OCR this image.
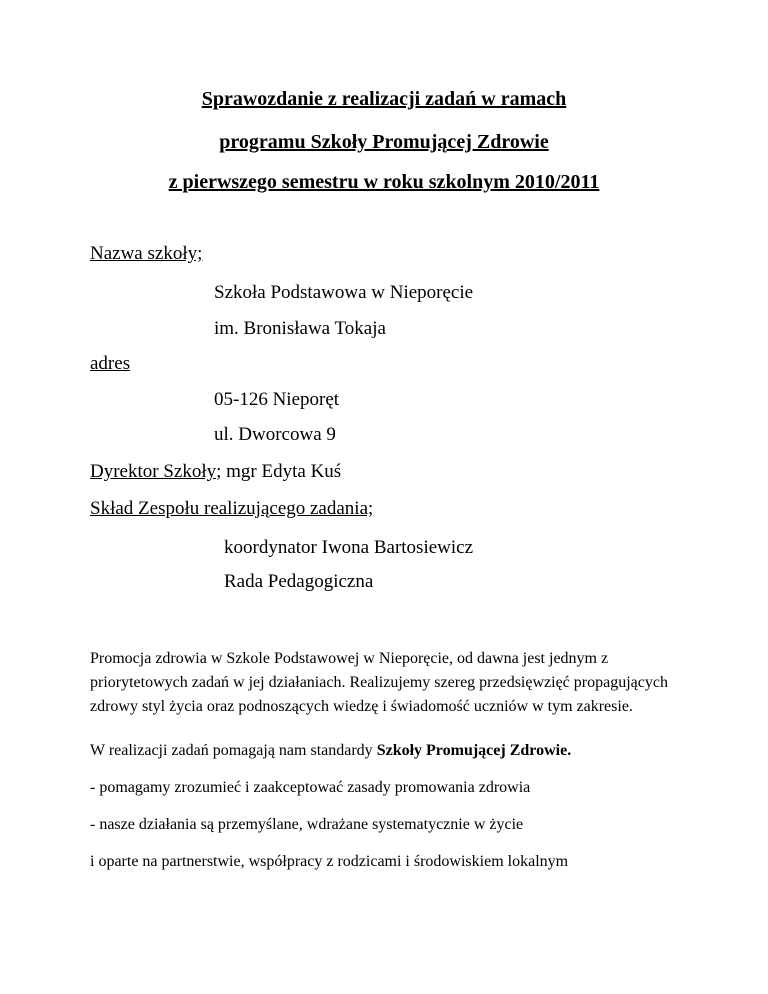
Sprawozdanie z realizacji zadań w ramach
programu Szkoły Promującej Zdrowie
z pierwszego semestru w roku szkolnym 2010/2011
Nazwa szkoły;
Szkoła Podstawowa w Nieporęcie
im. Bronisława Tokaja
adres
05-126 Nieporęt
ul. Dworcowa 9
Dyrektor Szkoły; mgr Edyta Kuś
Skład Zespołu realizującego zadania;
koordynator Iwona Bartosiewicz
Rada Pedagogiczna
Promocja zdrowia w Szkole Podstawowej w Nieporęcie, od dawna jest jednym z priorytetowych zadań w jej działaniach. Realizujemy szereg przedsięwzięć propagujących zdrowy styl życia oraz podnoszących wiedzę i świadomość uczniów w tym zakresie.
W realizacji zadań pomagają nam standardy Szkoły Promującej Zdrowie.
- pomagamy zrozumieć i zaakceptować zasady promowania zdrowia
- nasze działania są przemyślane, wdrażane systematycznie w życie
i oparte na partnerstwie, współpracy z rodzicami i środowiskiem lokalnym
